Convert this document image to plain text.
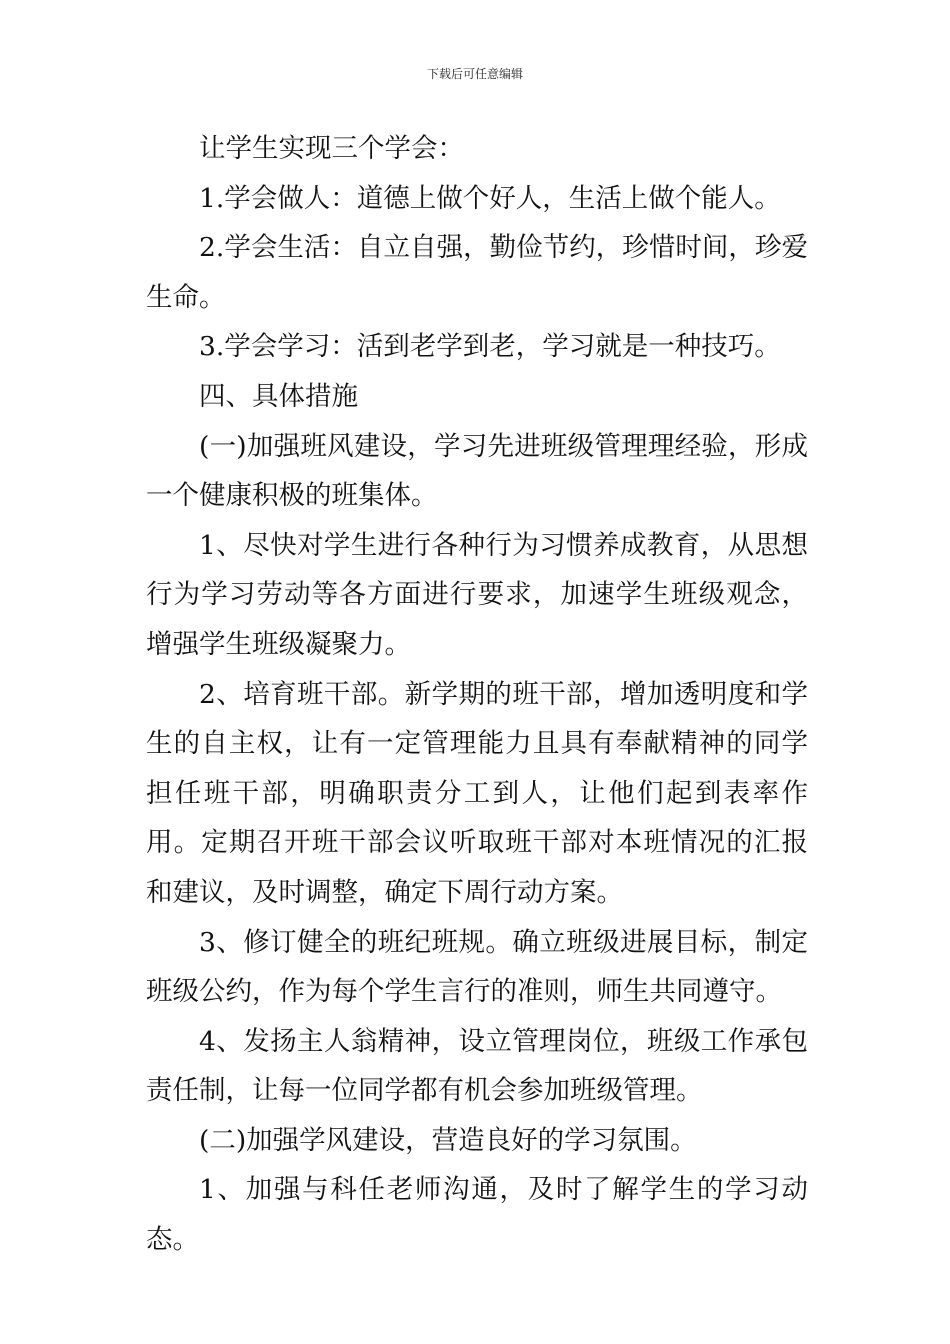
下载后可任意编辑

让学生实现三个学会：

1.学会做人：道德上做个好人，生活上做个能人。

2.学会生活：自立自强，勤俭节约，珍惜时间，珍爱生命。

3.学会学习：活到老学到老，学习就是一种技巧。

四、具体措施

(一)加强班风建设，学习先进班级管理理经验，形成一个健康积极的班集体。

1、尽快对学生进行各种行为习惯养成教育，从思想行为学习劳动等各方面进行要求，加速学生班级观念，增强学生班级凝聚力。

2、培育班干部。新学期的班干部，增加透明度和学生的自主权，让有一定管理能力且具有奉献精神的同学担任班干部，明确职责分工到人，让他们起到表率作用。定期召开班干部会议听取班干部对本班情况的汇报和建议，及时调整，确定下周行动方案。

3、修订健全的班纪班规。确立班级进展目标，制定班级公约，作为每个学生言行的准则，师生共同遵守。

4、发扬主人翁精神，设立管理岗位，班级工作承包责任制，让每一位同学都有机会参加班级管理。

(二)加强学风建设，营造良好的学习氛围。

1、加强与科任老师沟通，及时了解学生的学习动态。
